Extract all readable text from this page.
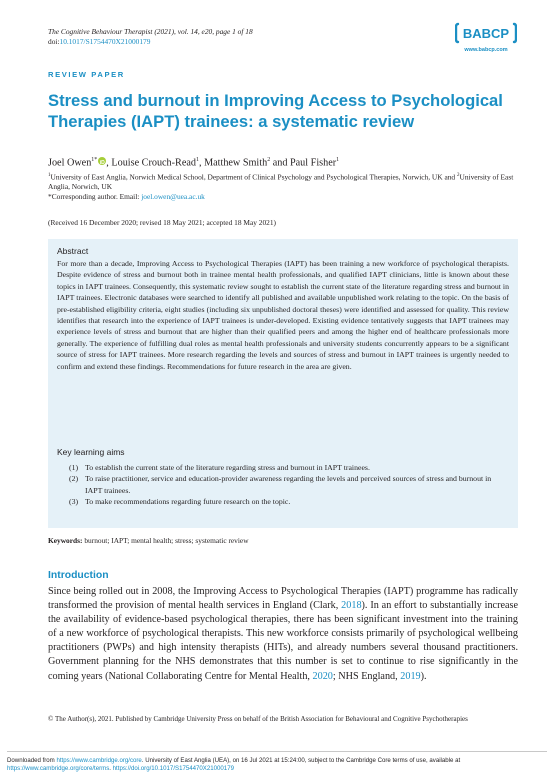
The Cognitive Behaviour Therapist (2021), vol. 14, e20, page 1 of 18
doi:10.1017/S1754470X21000179
BABCP
www.babcp.com
REVIEW PAPER
Stress and burnout in Improving Access to Psychological Therapies (IAPT) trainees: a systematic review
Joel Owen$^{1*}$
iD , Louise Crouch-Read$^1$, Matthew Smith$^2$ and Paul Fisher$^1$
$^1$University of East Anglia, Norwich Medical School, Department of Clinical Psychology and Psychological Therapies, Norwich, UK and $^2$University of East Anglia, Norwich, UK
*Corresponding author. Email: joel.owen@uea.ac.uk
(Received 16 December 2020; revised 18 May 2021; accepted 18 May 2021)
Abstract
For more than a decade, Improving Access to Psychological Therapies (IAPT) has been training a new workforce of psychological therapists. Despite evidence of stress and burnout both in trainee mental health professionals, and qualified IAPT clinicians, little is known about these topics in IAPT trainees. Consequently, this systematic review sought to establish the current state of the literature regarding stress and burnout in IAPT trainees. Electronic databases were searched to identify all published and available unpublished work relating to the topic. On the basis of pre-established eligibility criteria, eight studies (including six unpublished doctoral theses) were identified and assessed for quality. This review identifies that research into the experience of IAPT trainees is under-developed. Existing evidence tentatively suggests that IAPT trainees may experience levels of stress and burnout that are higher than their qualified peers and among the higher end of healthcare professionals more generally. The experience of fulfilling dual roles as mental health professionals and university students concurrently appears to be a significant source of stress for IAPT trainees. More research regarding the levels and sources of stress and burnout in IAPT trainees is urgently needed to confirm and extend these findings. Recommendations for future research in the area are given.
Key learning aims
(1) To establish the current state of the literature regarding stress and burnout in IAPT trainees.
(2) To raise practitioner, service and education-provider awareness regarding the levels and perceived sources of stress and burnout in IAPT trainees.
(3) To make recommendations regarding future research on the topic.
Keywords: burnout; IAPT; mental health; stress; systematic review
Introduction
Since being rolled out in 2008, the Improving Access to Psychological Therapies (IAPT) programme has radically transformed the provision of mental health services in England (Clark, 2018). In an effort to substantially increase the availability of evidence-based psychological therapies, there has been significant investment into the training of a new workforce of psychological therapists. This new workforce consists primarily of psychological wellbeing practitioners (PWPs) and high intensity therapists (HITs), and already numbers several thousand practitioners. Government planning for the NHS demonstrates that this number is set to continue to rise significantly in the coming years (National Collaborating Centre for Mental Health, 2020; NHS England, 2019).
© The Author(s), 2021. Published by Cambridge University Press on behalf of the British Association for Behavioural and Cognitive Psychotherapies
Downloaded from https://www.cambridge.org/core. University of East Anglia (UEA), on 16 Jul 2021 at 15:24:00, subject to the Cambridge Core terms of use, available at https://www.cambridge.org/core/terms. https://doi.org/10.1017/S1754470X21000179
